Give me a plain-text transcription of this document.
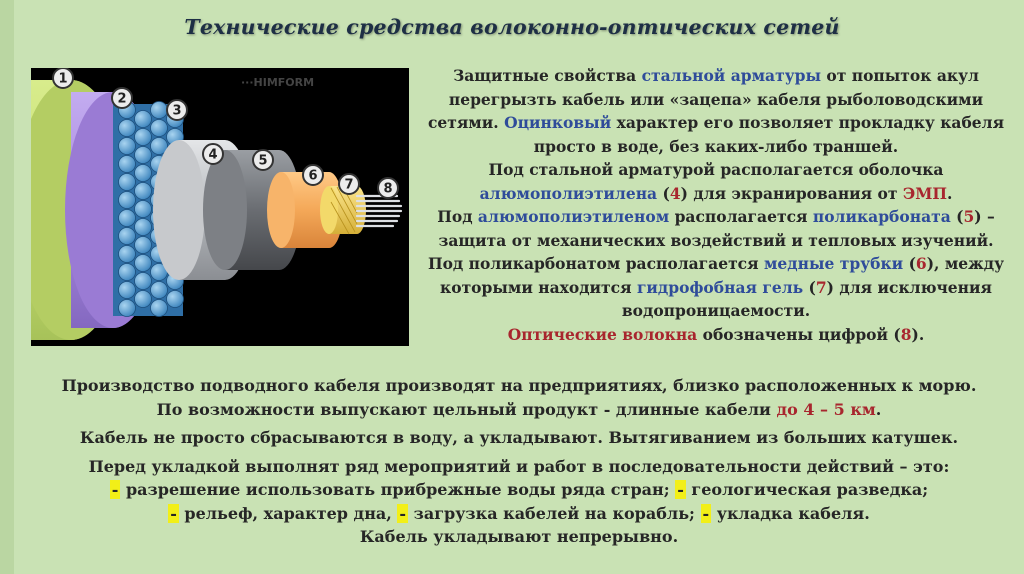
Технические средства волоконно-оптических сетей
···HIMFORM
1
2
3
4	5
6
7 8

Защитные свойства стальной арматуры от попыток акул перегрызть кабель или «зацепа» кабеля рыболоводскими сетями. Оцинковый характер его позволяет прокладку кабеля просто в воде, без каких-либо траншей.

Под стальной арматурой располагается оболочка алюмополиэтилена (4) для экранирования от ЭМП.

Под алюмополиэтиленом располагается поликарбоната (5) – защита от механических воздействий и тепловых изучений.

Под поликарбонатом располагается медные трубки (6), между которыми находится гидрофобная гель (7) для исключения водопроницаемости.

Оптические волокна обозначены цифрой (8).

Производство подводного кабеля производят на предприятиях, близко расположенных к морю.

По возможности выпускают цельный продукт - длинные кабели до 4 – 5 км.

Кабель не просто сбрасываются в воду, а укладывают. Вытягиванием из больших катушек.

Перед укладкой выполнят ряд мероприятий и работ в последовательности действий – это:

- разрешение использовать прибрежные воды ряда стран; - геологическая разведка;

- рельеф, характер дна, - загрузка кабелей на корабль; - укладка кабеля.

Кабель укладывают непрерывно.
